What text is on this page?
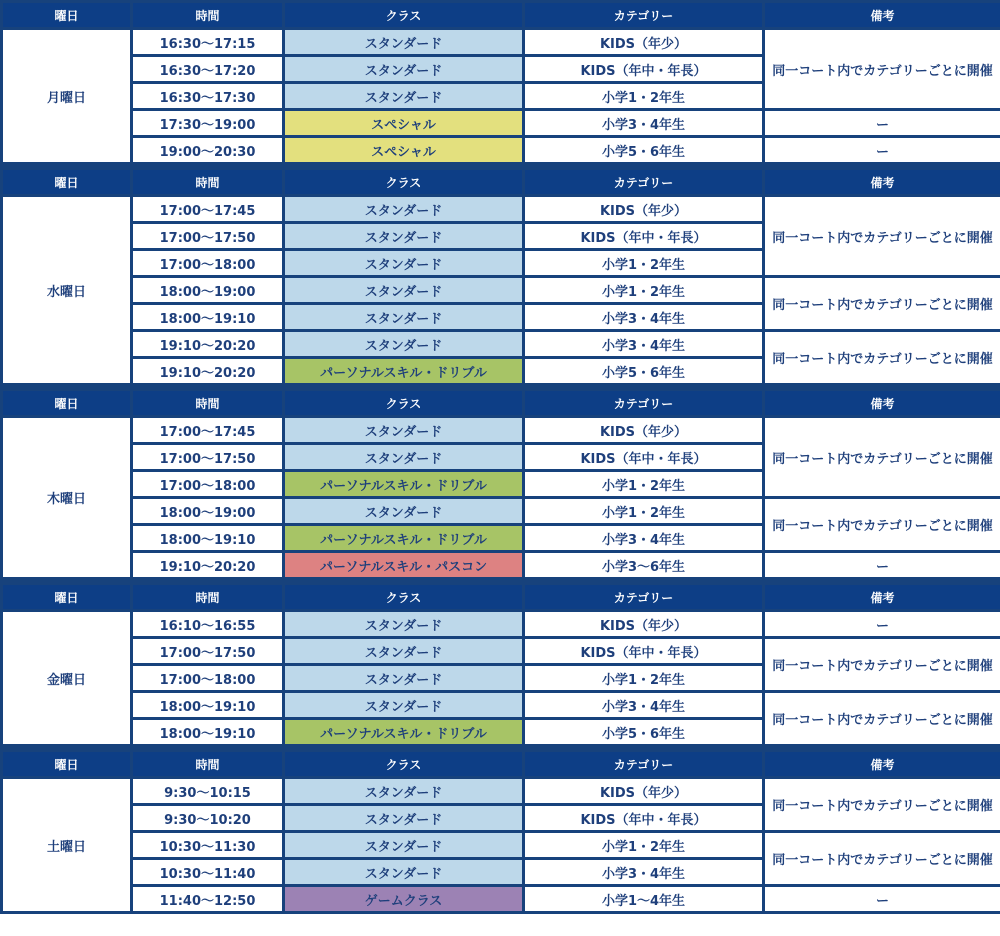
曜日	時間	クラス	カテゴリー	備考
月曜日	16:30〜17:15	スタンダード	KIDS（年少）	同一コート内でカテゴリーごとに開催
	16:30〜17:20	スタンダード	KIDS（年中・年長）	
	16:30〜17:30	スタンダード	小学1・2年生	
	17:30〜19:00	スペシャル	小学3・4年生	ー
	19:00〜20:30	スペシャル	小学5・6年生	ー

曜日	時間	クラス	カテゴリー	備考
水曜日	17:00〜17:45	スタンダード	KIDS（年少）	同一コート内でカテゴリーごとに開催
	17:00〜17:50	スタンダード	KIDS（年中・年長）	
	17:00〜18:00	スタンダード	小学1・2年生	
	18:00〜19:00	スタンダード	小学1・2年生	同一コート内でカテゴリーごとに開催
	18:00〜19:10	スタンダード	小学3・4年生	
	19:10〜20:20	スタンダード	小学3・4年生	同一コート内でカテゴリーごとに開催
	19:10〜20:20	パーソナルスキル・ドリブル	小学5・6年生	

曜日	時間	クラス	カテゴリー	備考
木曜日	17:00〜17:45	スタンダード	KIDS（年少）	同一コート内でカテゴリーごとに開催
	17:00〜17:50	スタンダード	KIDS（年中・年長）	
	17:00〜18:00	パーソナルスキル・ドリブル	小学1・2年生	
	18:00〜19:00	スタンダード	小学1・2年生	同一コート内でカテゴリーごとに開催
	18:00〜19:10	パーソナルスキル・ドリブル	小学3・4年生	
	19:10〜20:20	パーソナルスキル・パスコン	小学3〜6年生	ー

曜日	時間	クラス	カテゴリー	備考
金曜日	16:10〜16:55	スタンダード	KIDS（年少）	ー
	17:00〜17:50	スタンダード	KIDS（年中・年長）	同一コート内でカテゴリーごとに開催
	17:00〜18:00	スタンダード	小学1・2年生	
	18:00〜19:10	スタンダード	小学3・4年生	同一コート内でカテゴリーごとに開催
	18:00〜19:10	パーソナルスキル・ドリブル	小学5・6年生	

曜日	時間	クラス	カテゴリー	備考
土曜日	9:30〜10:15	スタンダード	KIDS（年少）	同一コート内でカテゴリーごとに開催
	9:30〜10:20	スタンダード	KIDS（年中・年長）	
	10:30〜11:30	スタンダード	小学1・2年生	同一コート内でカテゴリーごとに開催
	10:30〜11:40	スタンダード	小学3・4年生	
	11:40〜12:50	ゲームクラス	小学1〜4年生	ー
